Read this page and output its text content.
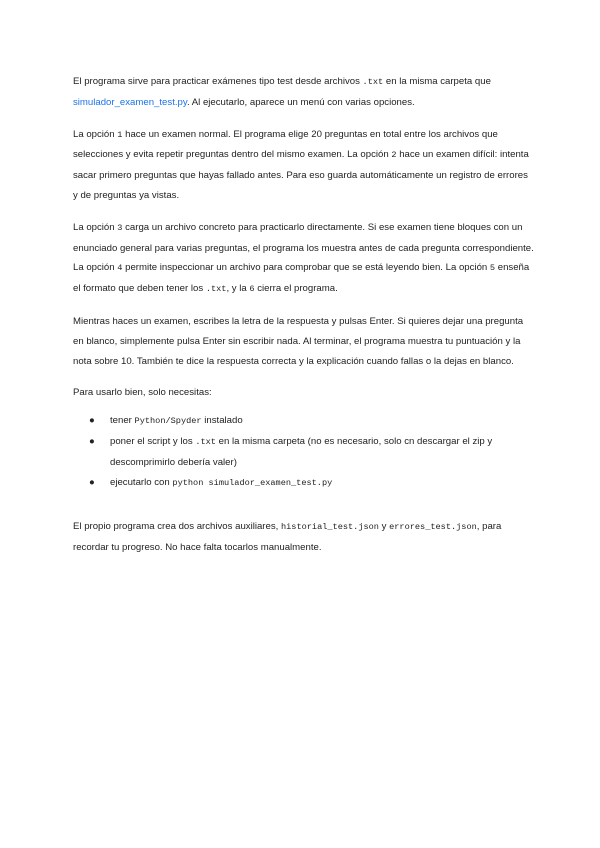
El programa sirve para practicar exámenes tipo test desde archivos .txt en la misma carpeta que simulador_examen_test.py. Al ejecutarlo, aparece un menú con varias opciones.

La opción 1 hace un examen normal. El programa elige 20 preguntas en total entre los archivos que selecciones y evita repetir preguntas dentro del mismo examen. La opción 2 hace un examen difícil: intenta sacar primero preguntas que hayas fallado antes. Para eso guarda automáticamente un registro de errores y de preguntas ya vistas.

La opción 3 carga un archivo concreto para practicarlo directamente. Si ese examen tiene bloques con un enunciado general para varias preguntas, el programa los muestra antes de cada pregunta correspondiente. La opción 4 permite inspeccionar un archivo para comprobar que se está leyendo bien. La opción 5 enseña el formato que deben tener los .txt, y la 6 cierra el programa.

Mientras haces un examen, escribes la letra de la respuesta y pulsas Enter. Si quieres dejar una pregunta en blanco, simplemente pulsa Enter sin escribir nada. Al terminar, el programa muestra tu puntuación y la nota sobre 10. También te dice la respuesta correcta y la explicación cuando fallas o la dejas en blanco.

Para usarlo bien, solo necesitas:

● tener Python/Spyder instalado
● poner el script y los .txt en la misma carpeta (no es necesario, solo cn descargar el zip y descomprimirlo debería valer)
● ejecutarlo con python simulador_examen_test.py

El propio programa crea dos archivos auxiliares, historial_test.json y errores_test.json, para recordar tu progreso. No hace falta tocarlos manualmente.
